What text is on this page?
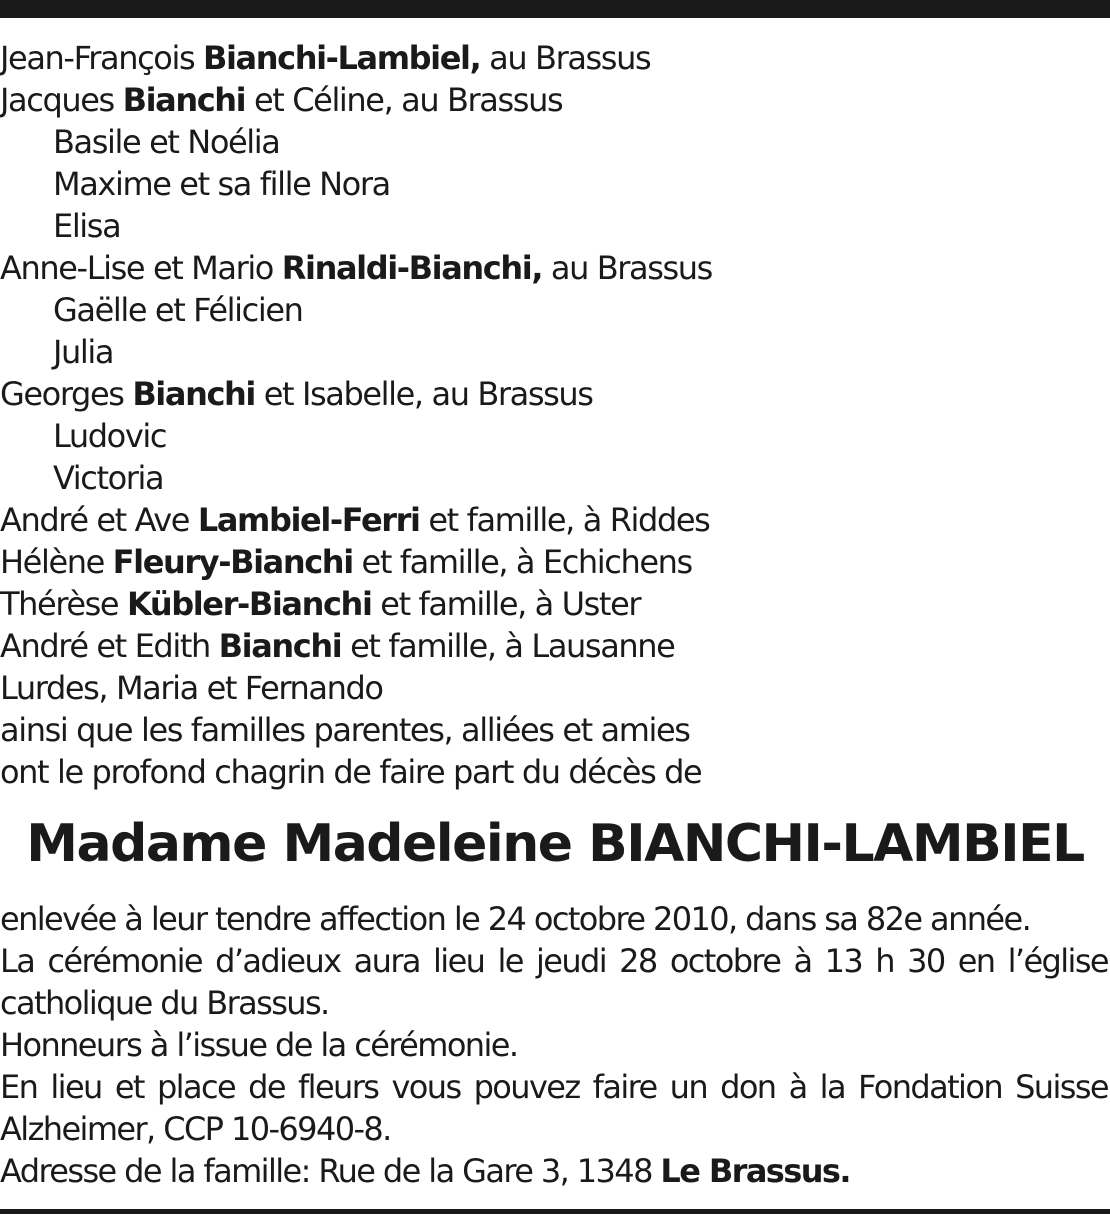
Jean-François Bianchi-Lambiel, au Brassus
Jacques Bianchi et Céline, au Brassus
Basile et Noélia
Maxime et sa fille Nora
Elisa
Anne-Lise et Mario Rinaldi-Bianchi, au Brassus
Gaëlle et Félicien
Julia
Georges Bianchi et Isabelle, au Brassus
Ludovic
Victoria
André et Ave Lambiel-Ferri et famille, à Riddes
Hélène Fleury-Bianchi et famille, à Echichens
Thérèse Kübler-Bianchi et famille, à Uster
André et Edith Bianchi et famille, à Lausanne
Lurdes, Maria et Fernando
ainsi que les familles parentes, alliées et amies
ont le profond chagrin de faire part du décès de
Madame Madeleine BIANCHI-LAMBIEL
enlevée à leur tendre affection le 24 octobre 2010, dans sa 82e année.
La cérémonie d’adieux aura lieu le jeudi 28 octobre à 13 h 30 en l’église
catholique du Brassus.
Honneurs à l’issue de la cérémonie.
En lieu et place de fleurs vous pouvez faire un don à la Fondation Suisse
Alzheimer, CCP 10-6940-8.
Adresse de la famille: Rue de la Gare 3, 1348 Le Brassus.
